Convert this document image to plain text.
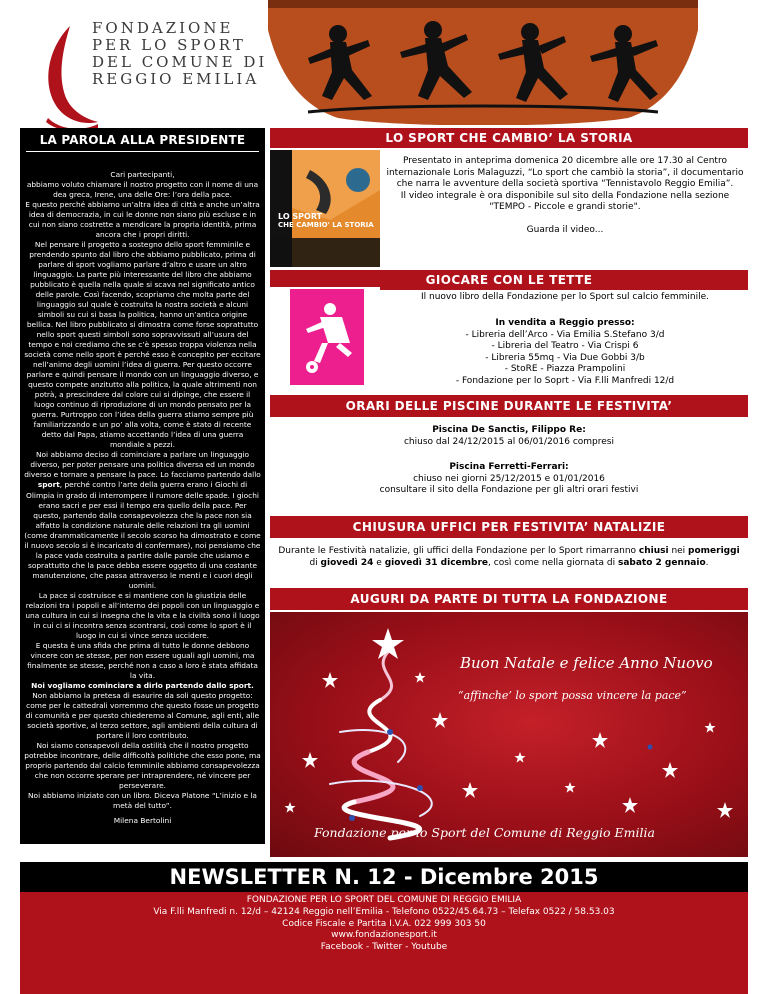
FONDAZIONE
PER LO SPORT
DEL COMUNE DI
REGGIO EMILIA
LA PAROLA ALLA PRESIDENTE

Cari partecipanti,

abbiamo voluto chiamare il nostro progetto con il nome di una dea greca, Irene, una delle Ore: l’ora della pace.

E questo perché abbiamo un’altra idea di città e anche un’altra idea di democrazia, in cui le donne non siano più escluse e in cui non siano costrette a mendicare la propria identità, prima ancora che i propri diritti.

Nel pensare il progetto a sostegno dello sport femminile e prendendo spunto dal libro che abbiamo pubblicato, prima di parlare di sport vogliamo parlare d’altro e usare un altro linguaggio. La parte più interessante del libro che abbiamo pubblicato è quella nella quale si scava nel significato antico delle parole. Così facendo, scopriamo che molta parte del linguaggio sul quale è costruita la nostra società e alcuni simboli su cui si basa la politica, hanno un’antica origine bellica. Nel libro pubblicato si dimostra come forse soprattutto nello sport questi simboli sono sopravvissuti all’usura del tempo e noi crediamo che se c’è spesso troppa violenza nella società come nello sport è perché esso è concepito per eccitare nell’animo degli uomini l’idea di guerra. Per questo occorre parlare e quindi pensare il mondo con un linguaggio diverso, e questo compete anzitutto alla politica, la quale altrimenti non potrà, a prescindere dal colore cui si dipinge, che essere il luogo continuo di riproduzione di un mondo pensato per la guerra. Purtroppo con l’idea della guerra stiamo sempre più familiarizzando e un po’ alla volta, come è stato di recente detto dal Papa, stiamo accettando l’idea di una guerra mondiale a pezzi.

Noi abbiamo deciso di cominciare a parlare un linguaggio diverso, per poter pensare una politica diversa ed un mondo diverso e tornare a pensare la pace. Lo facciamo partendo dallo sport, perché contro l’arte della guerra erano i Giochi di Olimpia in grado di interrompere il rumore delle spade. I giochi erano sacri e per essi il tempo era quello della pace. Per questo, partendo dalla consapevolezza che la pace non sia affatto la condizione naturale delle relazioni tra gli uomini (come drammaticamente il secolo scorso ha dimostrato e come il nuovo secolo si è incaricato di confermare), noi pensiamo che la pace vada costruita a partire dalle parole che usiamo e soprattutto che la pace debba essere oggetto di una costante manutenzione, che passa attraverso le menti e i cuori degli uomini.

La pace si costruisce e si mantiene con la giustizia delle relazioni tra i popoli e all’interno dei popoli con un linguaggio e una cultura in cui si insegna che la vita e la civiltà sono il luogo in cui ci si incontra senza scontrarsi, così come lo sport è il luogo in cui si vince senza uccidere.

E questa è una sfida che prima di tutto le donne debbono vincere con se stesse, per non essere uguali agli uomini, ma finalmente se stesse, perché non a caso a loro è stata affidata la vita.

Noi vogliamo cominciare a dirlo partendo dallo sport. Non abbiamo la pretesa di esaurire da soli questo progetto: come per le cattedrali vorremmo che questo fosse un progetto di comunità e per questo chiederemo al Comune, agli enti, alle società sportive, al terzo settore, agli ambienti della cultura di portare il loro contributo.

Noi siamo consapevoli della ostilità che il nostro progetto potrebbe incontrare, delle difficoltà politiche che esso pone, ma proprio partendo dal calcio femminile abbiamo consapevolezza che non occorre sperare per intraprendere, né vincere per perseverare.

Noi abbiamo iniziato con un libro. Diceva Platone “L’inizio e la metà del tutto”.

Milena Bertolini
LO SPORT CHE CAMBIO’ LA STORIA
LO SPORT
CHE CAMBIO' LA STORIA
Presentato in anteprima domenica 20 dicembre alle ore 17.30 al Centro internazionale Loris Malaguzzi, “Lo sport che cambiò la storia”, il documentario che narra le avventure della società sportiva “Tennistavolo Reggio Emilia”.
Il video integrale è ora disponibile sul sito della Fondazione nella sezione "TEMPO - Piccole e grandi storie".
Guarda il video...
GIOCARE CON LE TETTE
Il nuovo libro della Fondazione per lo Sport sul calcio femminile.
In vendita a Reggio presso:
- Libreria dell’Arco - Via Emilia S.Stefano 3/d
- Libreria del Teatro - Via Crispi 6
- Libreria 55mq - Via Due Gobbi 3/b
- StoRE - Piazza Prampolini
- Fondazione per lo Soprt - Via F.lli Manfredi 12/d
ORARI DELLE PISCINE DURANTE LE FESTIVITA’
Piscina De Sanctis, Filippo Re:
chiuso dal 24/12/2015 al 06/01/2016 compresi
Piscina Ferretti-Ferrari:
chiuso nei giorni 25/12/2015 e 01/01/2016
consultare il sito della Fondazione per gli altri orari festivi
CHIUSURA UFFICI PER FESTIVITA’ NATALIZIE
Durante le Festività natalizie, gli uffici della Fondazione per lo Sport rimarranno chiusi nei pomeriggi di giovedì 24 e giovedì 31 dicembre, così come nella giornata di sabato 2 gennaio.
AUGURI DA PARTE DI TUTTA LA FONDAZIONE
Buon Natale e felice Anno Nuovo
“affinche’ lo sport possa vincere la pace”
Fondazione per lo Sport del Comune di Reggio Emilia
NEWSLETTER N. 12 - Dicembre 2015
FONDAZIONE PER LO SPORT DEL COMUNE DI REGGIO EMILIA
Via F.lli Manfredi n. 12/d – 42124 Reggio nell’Emilia - Telefono 0522/45.64.73 – Telefax 0522 / 58.53.03
Codice Fiscale e Partita I.V.A. 022 999 303 50
www.fondazionesport.it
Facebook - Twitter - Youtube
